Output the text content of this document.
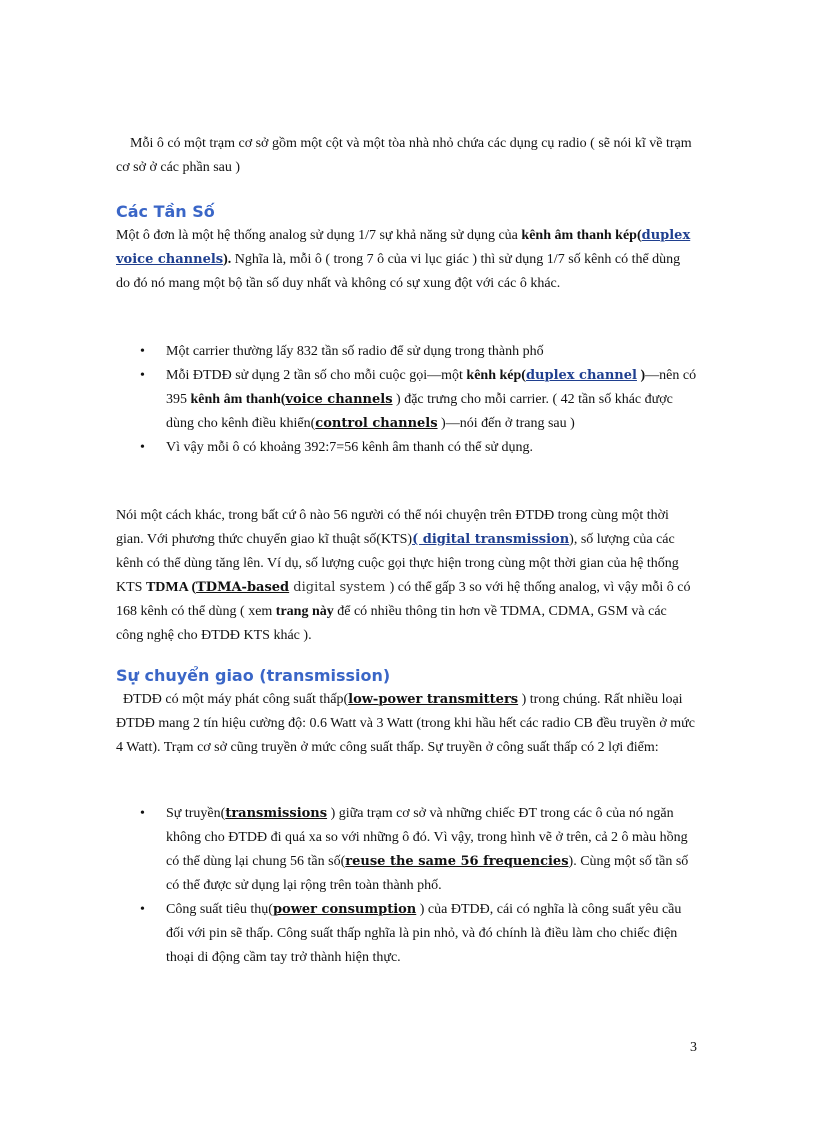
Mỗi ô có một trạm cơ sở gồm một cột và một tòa nhà nhỏ chứa các dụng cụ radio ( sẽ nói kĩ về trạm cơ sở ở các phần sau )

Các Tần Số

Một ô đơn là một hệ thống analog sử dụng 1/7 sự khả năng sử dụng của kênh âm thanh kép(duplex voice channels). Nghĩa là, mỗi ô ( trong 7 ô của vi lục giác ) thì sử dụng 1/7 số kênh có thể dùng do đó nó mang một bộ tần số duy nhất và không có sự xung đột với các ô khác.

• Một carrier thường lấy 832 tần số radio để sử dụng trong thành phố
• Mỗi ĐTDĐ sử dụng 2 tần số cho mỗi cuộc gọi—một kênh kép(duplex channel )—nên có 395 kênh âm thanh(voice channels ) đặc trưng cho mỗi carrier. ( 42 tần số khác được dùng cho kênh điều khiển(control channels )—nói đến ở trang sau )
• Vì vậy mỗi ô có khoảng 392:7=56 kênh âm thanh có thể sử dụng.

Nói một cách khác, trong bất cứ ô nào 56 người có thể nói chuyện trên ĐTDĐ trong cùng một thời gian. Với phương thức chuyển giao kĩ thuật số(KTS)( digital transmission), số lượng của các kênh có thể dùng tăng lên. Ví dụ, số lượng cuộc gọi thực hiện trong cùng một thời gian của hệ thống KTS TDMA (TDMA-based digital system ) có thể gấp 3 so với hệ thống analog, vì vậy mỗi ô có 168 kênh có thể dùng ( xem trang này để có nhiều thông tin hơn về TDMA, CDMA, GSM và các công nghệ cho ĐTDĐ KTS khác ).

Sự chuyển giao (transmission)

ĐTDĐ có một máy phát công suất thấp(low-power transmitters ) trong chúng. Rất nhiều loại ĐTDĐ mang 2 tín hiệu cường độ: 0.6 Watt và 3 Watt (trong khi hầu hết các radio CB đều truyền ở mức 4 Watt). Trạm cơ sở cũng truyền ở mức công suất thấp. Sự truyền ở công suất thấp có 2 lợi điểm:

• Sự truyền(transmissions ) giữa trạm cơ sở và những chiếc ĐT trong các ô của nó ngăn không cho ĐTDĐ đi quá xa so với những ô đó. Vì vậy, trong hình vẽ ở trên, cả 2 ô màu hồng có thể dùng lại chung 56 tần số(reuse the same 56 frequencies). Cùng một số tần số có thể được sử dụng lại rộng trên toàn thành phố.
• Công suất tiêu thụ(power consumption ) của ĐTDĐ, cái có nghĩa là công suất yêu cầu đối với pin sẽ thấp. Công suất thấp nghĩa là pin nhỏ, và đó chính là điều làm cho chiếc điện thoại di động cầm tay trở thành hiện thực.
3
